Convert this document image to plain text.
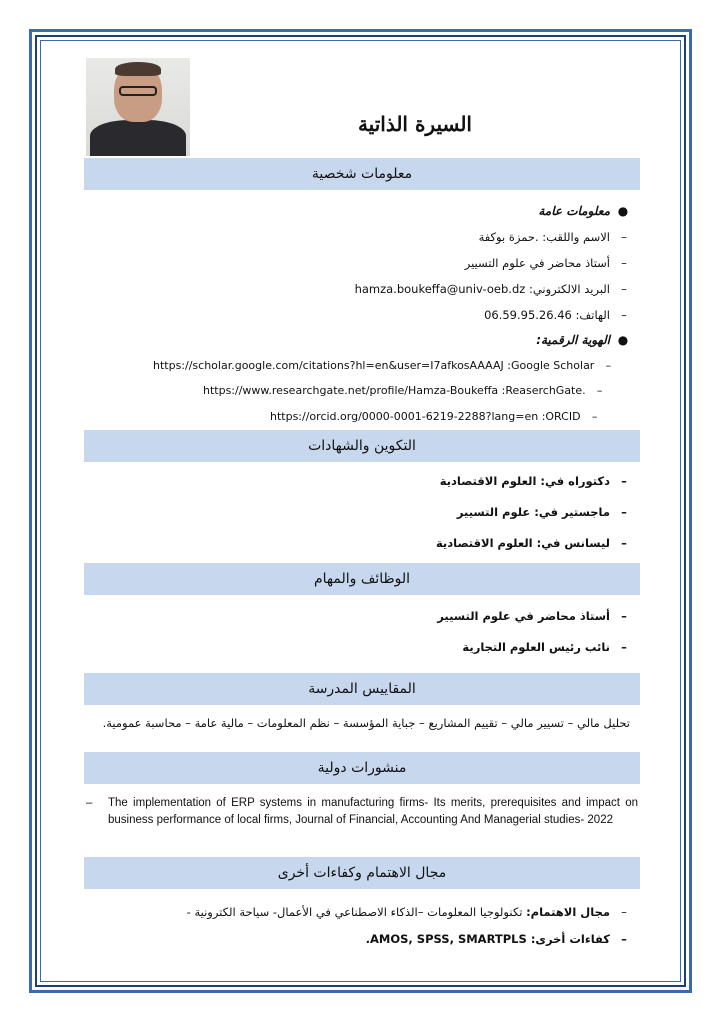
السيرة الذاتية
معلومات شخصية
●معلومات عامة
–الاسم واللقب: .حمزة بوكفة
–أستاذ محاضر في علوم التسيير
–البريد الالكتروني: hamza.boukeffa@univ-oeb.dz
–الهاتف: 06.59.95.26.46
●الهوية الرقمية:
https://scholar.google.com/citations?hl=en&user=I7afkosAAAAJ :Google Scholar –
https://www.researchgate.net/profile/Hamza-Boukeffa :ReaserchGate. –
https://orcid.org/0000-0001-6219-2288?lang=en :ORCID –
التكوين والشهادات
–دكتوراه في: العلوم الاقتصادية
–ماجستير في: علوم التسيير
–ليسانس في: العلوم الاقتصادية
الوظائف والمهام
–أستاذ محاضر في علوم التسيير
–نائب رئيس العلوم التجارية
المقاييس المدرسة
تحليل مالي – تسيير مالي – تقييم المشاريع – جباية المؤسسة – نظم المعلومات – مالية عامة – محاسبة عمومية.
منشورات دولية
– The implementation of ERP systems in manufacturing firms- Its merits, prerequisites and impact on business performance of local firms, Journal of Financial, Accounting And Managerial studies- 2022
مجال الاهتمام وكفاءات أخرى
–مجال الاهتمام: تكنولوجيا المعلومات –الذكاء الاصطناعي في الأعمال- سياحة الكترونية -
–كفاءات أخرى: AMOS, SPSS, SMARTPLS.
